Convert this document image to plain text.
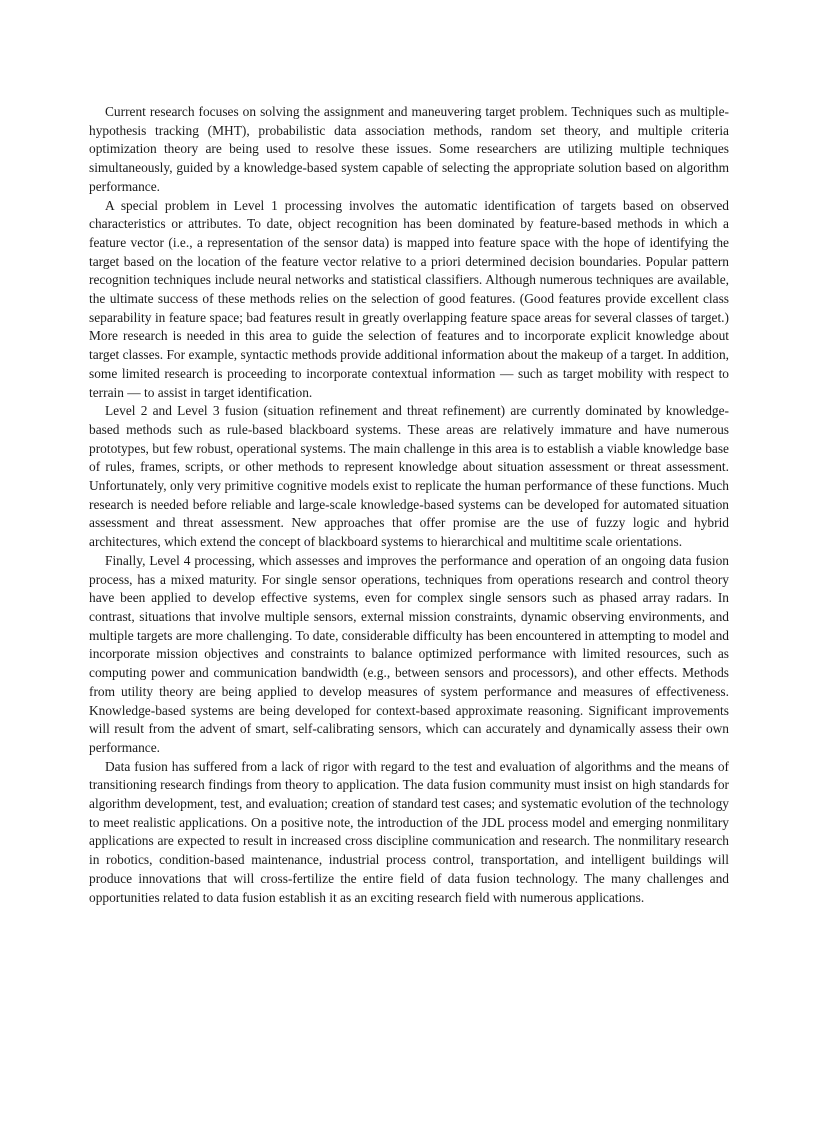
Current research focuses on solving the assignment and maneuvering target problem. Techniques such as multiple-hypothesis tracking (MHT), probabilistic data association methods, random set theory, and multiple criteria optimization theory are being used to resolve these issues. Some researchers are utilizing multiple techniques simultaneously, guided by a knowledge-based system capable of selecting the appropriate solution based on algorithm performance.

A special problem in Level 1 processing involves the automatic identification of targets based on observed characteristics or attributes. To date, object recognition has been dominated by feature-based methods in which a feature vector (i.e., a representation of the sensor data) is mapped into feature space with the hope of identifying the target based on the location of the feature vector relative to a priori determined decision boundaries. Popular pattern recognition techniques include neural networks and statistical classifiers. Although numerous techniques are available, the ultimate success of these methods relies on the selection of good features. (Good features provide excellent class separability in feature space; bad features result in greatly overlapping feature space areas for several classes of target.) More research is needed in this area to guide the selection of features and to incorporate explicit knowledge about target classes. For example, syntactic methods provide additional information about the makeup of a target. In addition, some limited research is proceeding to incorporate contextual information — such as target mobility with respect to terrain — to assist in target identification.

Level 2 and Level 3 fusion (situation refinement and threat refinement) are currently dominated by knowledge-based methods such as rule-based blackboard systems. These areas are relatively immature and have numerous prototypes, but few robust, operational systems. The main challenge in this area is to establish a viable knowledge base of rules, frames, scripts, or other methods to represent knowledge about situation assessment or threat assessment. Unfortunately, only very primitive cognitive models exist to replicate the human performance of these functions. Much research is needed before reliable and large-scale knowledge-based systems can be developed for automated situation assessment and threat assessment. New approaches that offer promise are the use of fuzzy logic and hybrid architectures, which extend the concept of blackboard systems to hierarchical and multitime scale orientations.

Finally, Level 4 processing, which assesses and improves the performance and operation of an ongoing data fusion process, has a mixed maturity. For single sensor operations, techniques from operations research and control theory have been applied to develop effective systems, even for complex single sensors such as phased array radars. In contrast, situations that involve multiple sensors, external mission constraints, dynamic observing environments, and multiple targets are more challenging. To date, considerable difficulty has been encountered in attempting to model and incorporate mission objectives and constraints to balance optimized performance with limited resources, such as computing power and communication bandwidth (e.g., between sensors and processors), and other effects. Methods from utility theory are being applied to develop measures of system performance and measures of effectiveness. Knowledge-based systems are being developed for context-based approximate reasoning. Significant improvements will result from the advent of smart, self-calibrating sensors, which can accurately and dynamically assess their own performance.

Data fusion has suffered from a lack of rigor with regard to the test and evaluation of algorithms and the means of transitioning research findings from theory to application. The data fusion community must insist on high standards for algorithm development, test, and evaluation; creation of standard test cases; and systematic evolution of the technology to meet realistic applications. On a positive note, the introduction of the JDL process model and emerging nonmilitary applications are expected to result in increased cross discipline communication and research. The nonmilitary research in robotics, condition-based maintenance, industrial process control, transportation, and intelligent buildings will produce innovations that will cross-fertilize the entire field of data fusion technology. The many challenges and opportunities related to data fusion establish it as an exciting research field with numerous applications.
